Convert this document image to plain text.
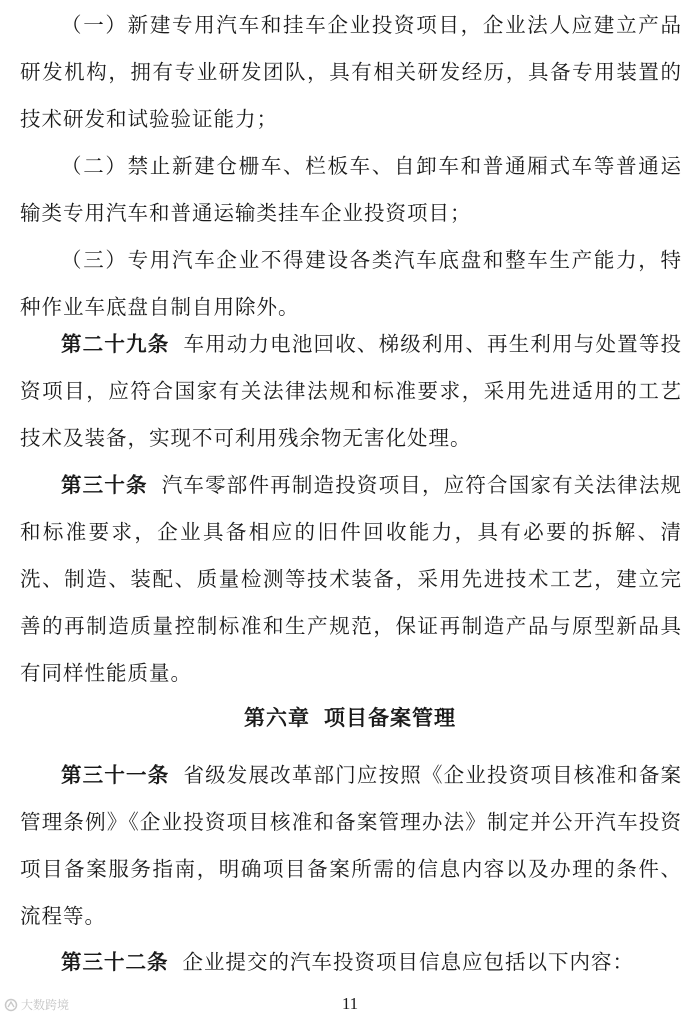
（一）新建专用汽车和挂车企业投资项目，企业法人应建立产品研发机构，拥有专业研发团队，具有相关研发经历，具备专用装置的技术研发和试验验证能力；

（二）禁止新建仓栅车、栏板车、自卸车和普通厢式车等普通运输类专用汽车和普通运输类挂车企业投资项目；

（三）专用汽车企业不得建设各类汽车底盘和整车生产能力，特种作业车底盘自制自用除外。

第二十九条 车用动力电池回收、梯级利用、再生利用与处置等投资项目，应符合国家有关法律法规和标准要求，采用先进适用的工艺技术及装备，实现不可利用残余物无害化处理。

第三十条 汽车零部件再制造投资项目，应符合国家有关法律法规和标准要求，企业具备相应的旧件回收能力，具有必要的拆解、清洗、制造、装配、质量检测等技术装备，采用先进技术工艺，建立完善的再制造质量控制标准和生产规范，保证再制造产品与原型新品具有同样性能质量。

第六章 项目备案管理

第三十一条 省级发展改革部门应按照《企业投资项目核准和备案管理条例》《企业投资项目核准和备案管理办法》制定并公开汽车投资项目备案服务指南，明确项目备案所需的信息内容以及办理的条件、流程等。

第三十二条 企业提交的汽车投资项目信息应包括以下内容：

11
大数跨境
